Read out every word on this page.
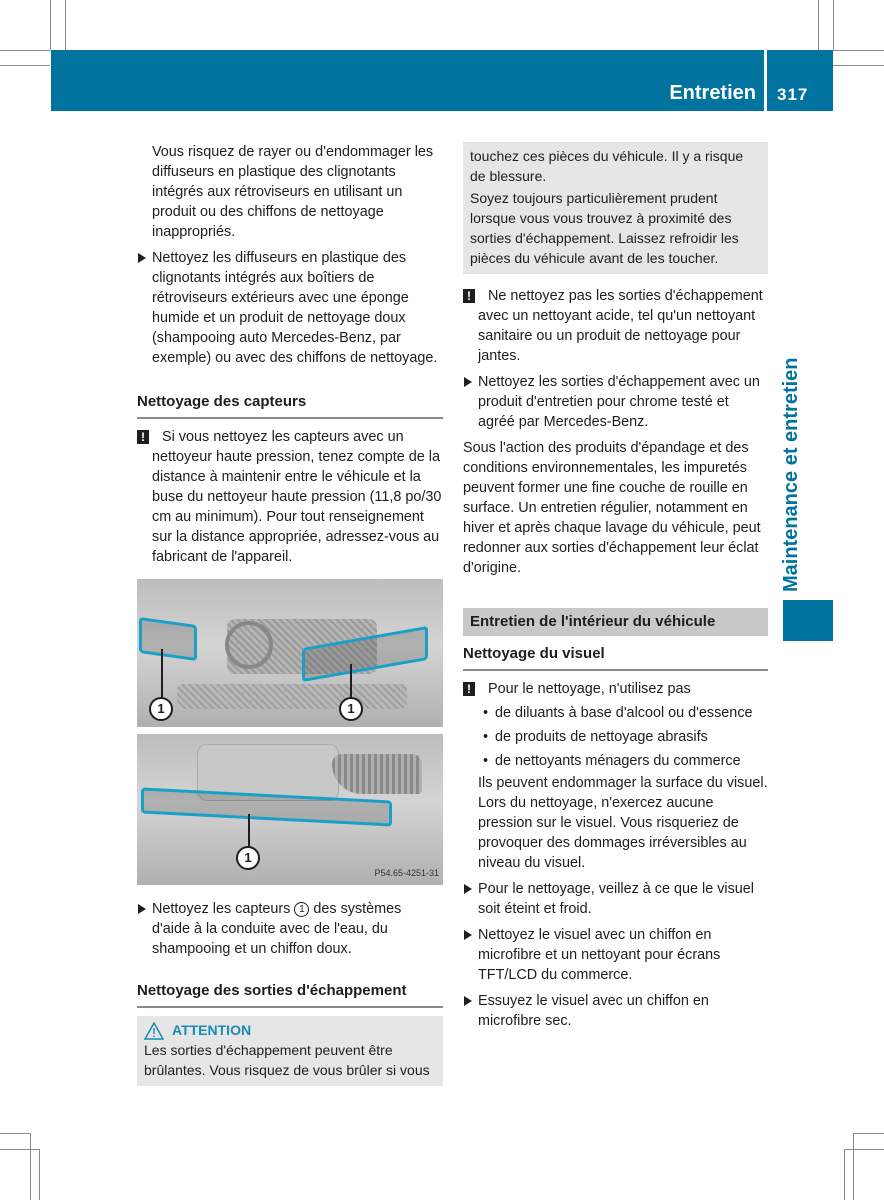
Entretien 317
Maintenance et entretien

Vous risquez de rayer ou d'endommager les diffuseurs en plastique des clignotants intégrés aux rétroviseurs en utilisant un produit ou des chiffons de nettoyage inappropriés.

Nettoyez les diffuseurs en plastique des clignotants intégrés aux boîtiers de rétroviseurs extérieurs avec une éponge humide et un produit de nettoyage doux (shampooing auto Mercedes-Benz, par exemple) ou avec des chiffons de nettoyage.
Nettoyage des capteurs
! Si vous nettoyez les capteurs avec un nettoyeur haute pression, tenez compte de la distance à maintenir entre le véhicule et la buse du nettoyeur haute pression (11,8 po/30 cm au minimum). Pour tout renseignement sur la distance appropriée, adressez-vous au fabricant de l'appareil.
1	1
1
P54.65-4251-31
Nettoyez les capteurs 1 des systèmes d'aide à la conduite avec de l'eau, du shampooing et un chiffon doux.
Nettoyage des sorties d'échappement
ATTENTION

Les sorties d'échappement peuvent être brûlantes. Vous risquez de vous brûler si vous

touchez ces pièces du véhicule. Il y a risque de blessure.

Soyez toujours particulièrement prudent lorsque vous vous trouvez à proximité des sorties d'échappement. Laissez refroidir les pièces du véhicule avant de les toucher.

! Ne nettoyez pas les sorties d'échappement avec un nettoyant acide, tel qu'un nettoyant sanitaire ou un produit de nettoyage pour jantes.
Nettoyez les sorties d'échappement avec un produit d'entretien pour chrome testé et agréé par Mercedes-Benz.

Sous l'action des produits d'épandage et des conditions environnementales, les impuretés peuvent former une fine couche de rouille en surface. Un entretien régulier, notamment en hiver et après chaque lavage du véhicule, peut redonner aux sorties d'échappement leur éclat d'origine.

Entretien de l'intérieur du véhicule
Nettoyage du visuel
! Pour le nettoyage, n'utilisez pas
• de diluants à base d'alcool ou d'essence
• de produits de nettoyage abrasifs
• de nettoyants ménagers du commerce

Ils peuvent endommager la surface du visuel. Lors du nettoyage, n'exercez aucune pression sur le visuel. Vous risqueriez de provoquer des dommages irréversibles au niveau du visuel.

Pour le nettoyage, veillez à ce que le visuel soit éteint et froid.
Nettoyez le visuel avec un chiffon en microfibre et un nettoyant pour écrans TFT/LCD du commerce.
Essuyez le visuel avec un chiffon en microfibre sec.
